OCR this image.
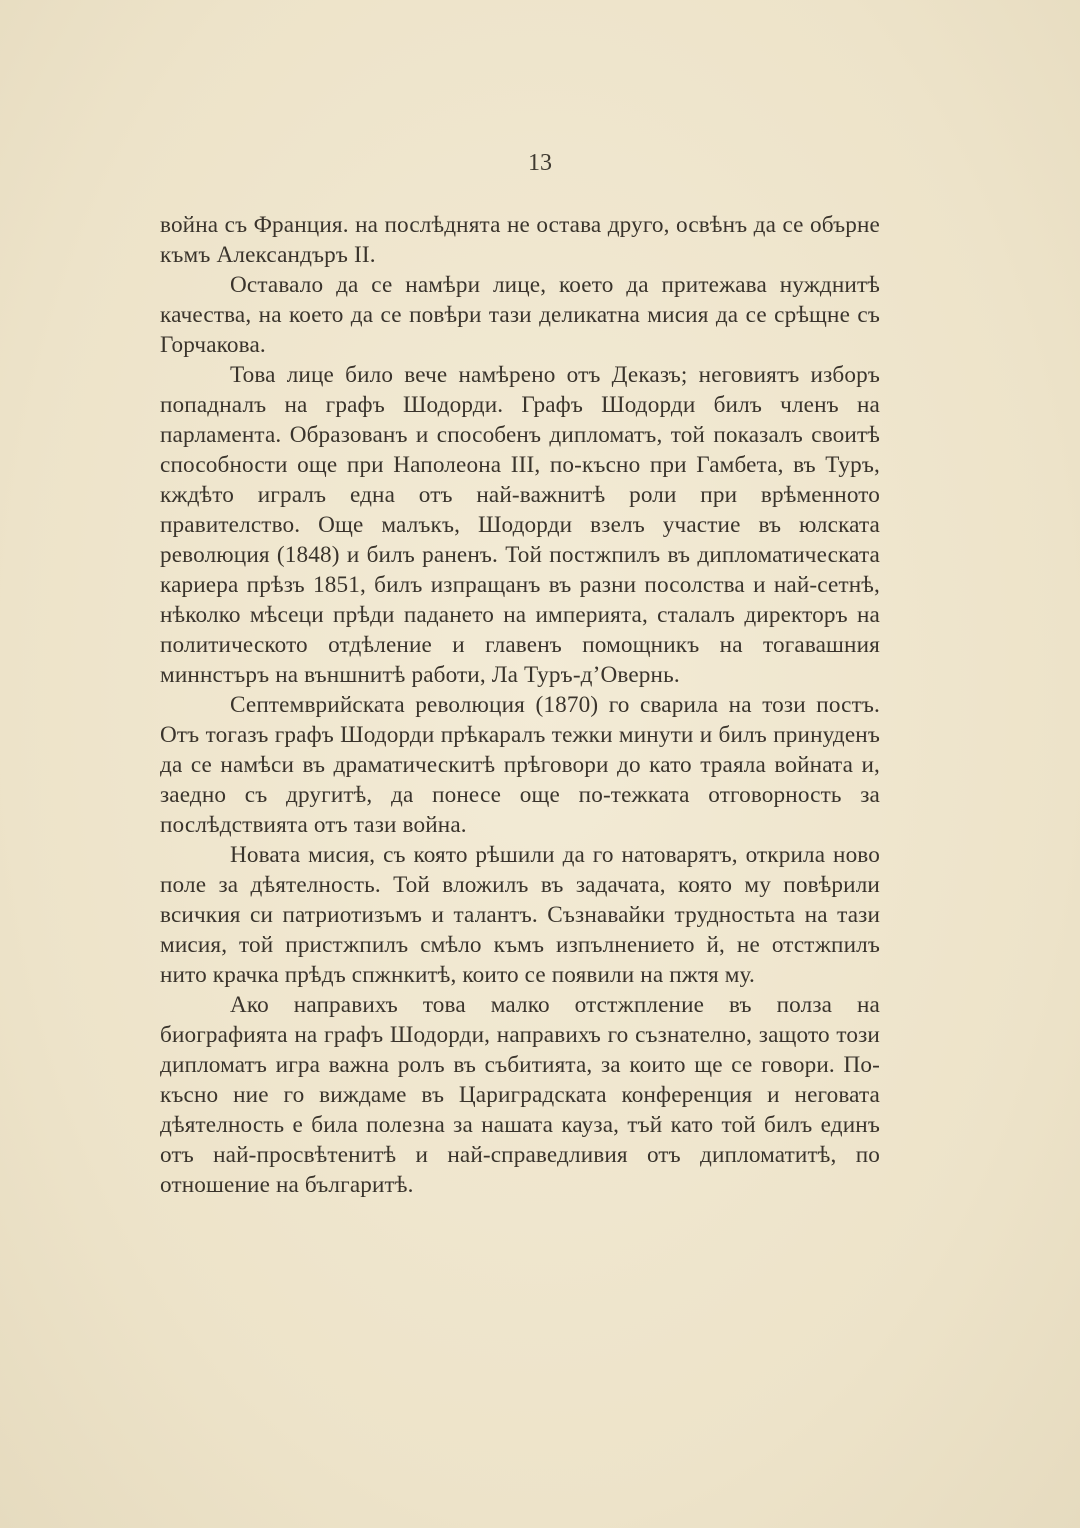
13

война съ Франция. на послѣднята не остава друго, освѣнъ да се обърне къмъ Александъръ II.

Оставало да се намѣри лице, което да притежава нужднитѣ качества, на което да се повѣри тази деликатна мисия да се срѣщне съ Горчакова.

Това лице било вече намѣрено отъ Деказъ; неговиятъ изборъ попадналъ на графъ Шодорди. Графъ Шодорди билъ членъ на парламента. Образованъ и способенъ дипломатъ, той показалъ своитѣ способности още при Наполеона III, по-късно при Гамбета, въ Туръ, кждѣто игралъ една отъ най-важнитѣ роли при врѣменното правителство. Още малъкъ, Шодорди взелъ участие въ юлската революция (1848) и билъ раненъ. Той постжпилъ въ дипломатическата кариера прѣзъ 1851, билъ изпращанъ въ разни посолства и най-сетнѣ, нѣколко мѣсеци прѣди падането на империята, сталалъ директоръ на политическото отдѣление и главенъ помощникъ на тогавашния миннстъръ на външнитѣ работи, Ла Туръ-д’Овернь.

Септемврийската революция (1870) го сварила на този постъ. Отъ тогазъ графъ Шодорди прѣкаралъ тежки минути и билъ принуденъ да се намѣси въ драматическитѣ прѣговори до като траяла войната и, заедно съ другитѣ, да понесе още по-тежката отговорность за послѣдствията отъ тази война.

Новата мисия, съ която рѣшили да го натоварятъ, открила ново поле за дѣятелность. Той вложилъ въ задачата, която му повѣрили всичкия си патриотизъмъ и талантъ. Съзнавайки трудностьта на тази мисия, той пристжпилъ смѣло къмъ изпълнението й, не отстжпилъ нито крачка прѣдъ спжнкитѣ, които се появили на пжтя му.

Ако направихъ това малко отстжпление въ полза на биографията на графъ Шодорди, направихъ го съзнателно, защото този дипломатъ игра важна ролъ въ събитията, за които ще се говори. По-късно ние го виждаме въ Цариградската конференция и неговата дѣятелность е била полезна за нашата кауза, тъй като той билъ единъ отъ най-просвѣтенитѣ и най-справедливия отъ дипломатитѣ, по отношение на българитѣ.
